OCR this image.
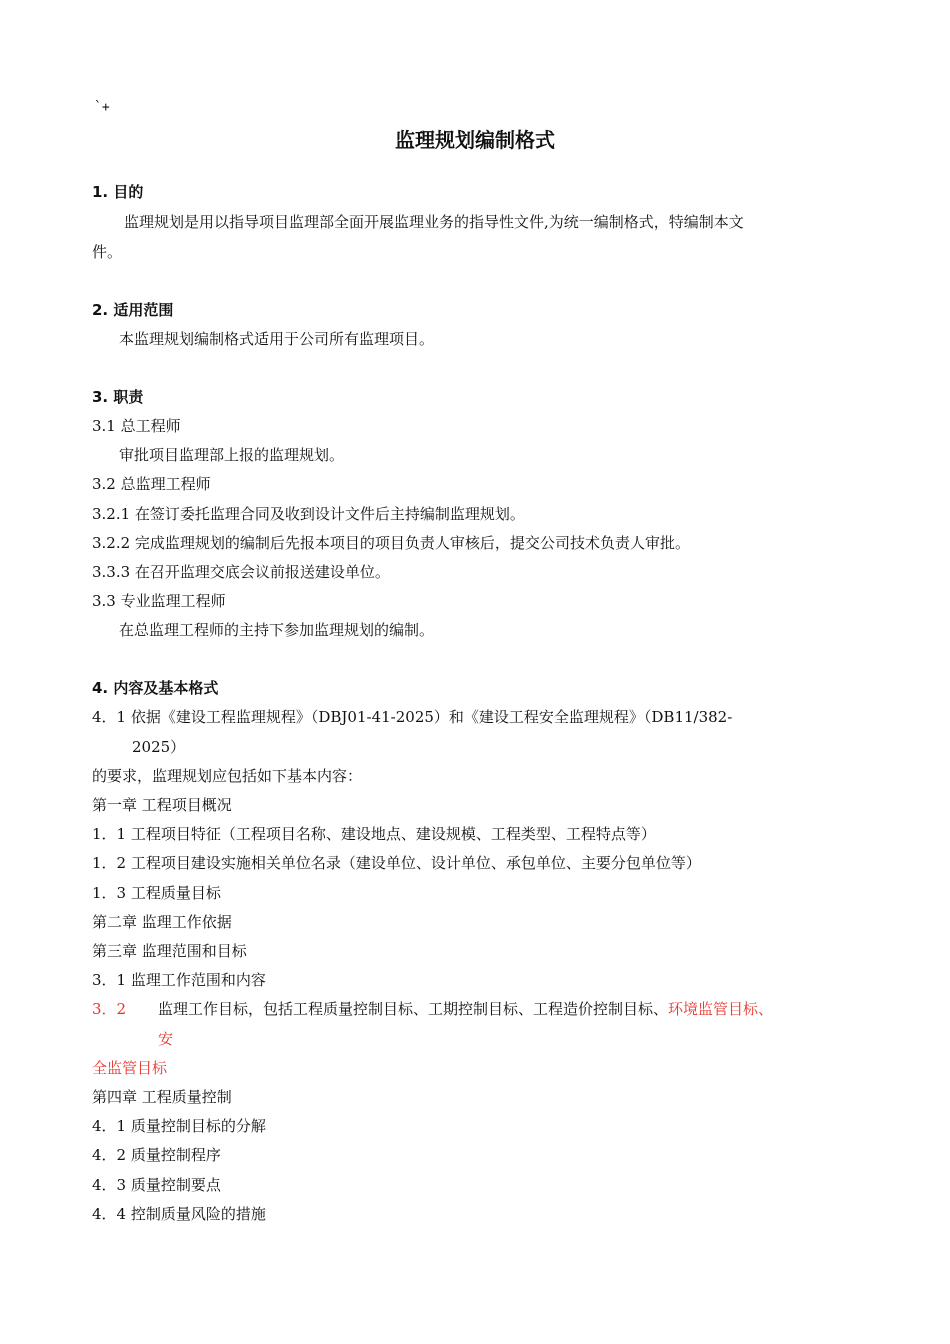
`+
监理规划编制格式
1. 目的
监理规划是用以指导项目监理部全面开展监理业务的指导性文件,为统一编制格式，特编制本文
件。
2. 适用范围
本监理规划编制格式适用于公司所有监理项目。
3. 职责
3.1 总工程师
审批项目监理部上报的监理规划。
3.2 总监理工程师
3.2.1 在签订委托监理合同及收到设计文件后主持编制监理规划。
3.2.2 完成监理规划的编制后先报本项目的项目负责人审核后，提交公司技术负责人审批。
3.3.3 在召开监理交底会议前报送建设单位。
3.3 专业监理工程师
在总监理工程师的主持下参加监理规划的编制。
4. 内容及基本格式
4．1 依据《建设工程监理规程》（DBJ01-41-2025）和《建设工程安全监理规程》（DB11/382-
2025）
的要求，监理规划应包括如下基本内容：
第一章 工程项目概况
1．1 工程项目特征（工程项目名称、建设地点、建设规模、工程类型、工程特点等）
1．2 工程项目建设实施相关单位名录（建设单位、设计单位、承包单位、主要分包单位等）
1．3 工程质量目标
第二章 监理工作依据
第三章 监理范围和目标
3．1 监理工作范围和内容
3．2 监理工作目标，包括工程质量控制目标、工期控制目标、工程造价控制目标、环境监管目标、
安
全监管目标
第四章 工程质量控制
4．1 质量控制目标的分解
4．2 质量控制程序
4．3 质量控制要点
4．4 控制质量风险的措施
